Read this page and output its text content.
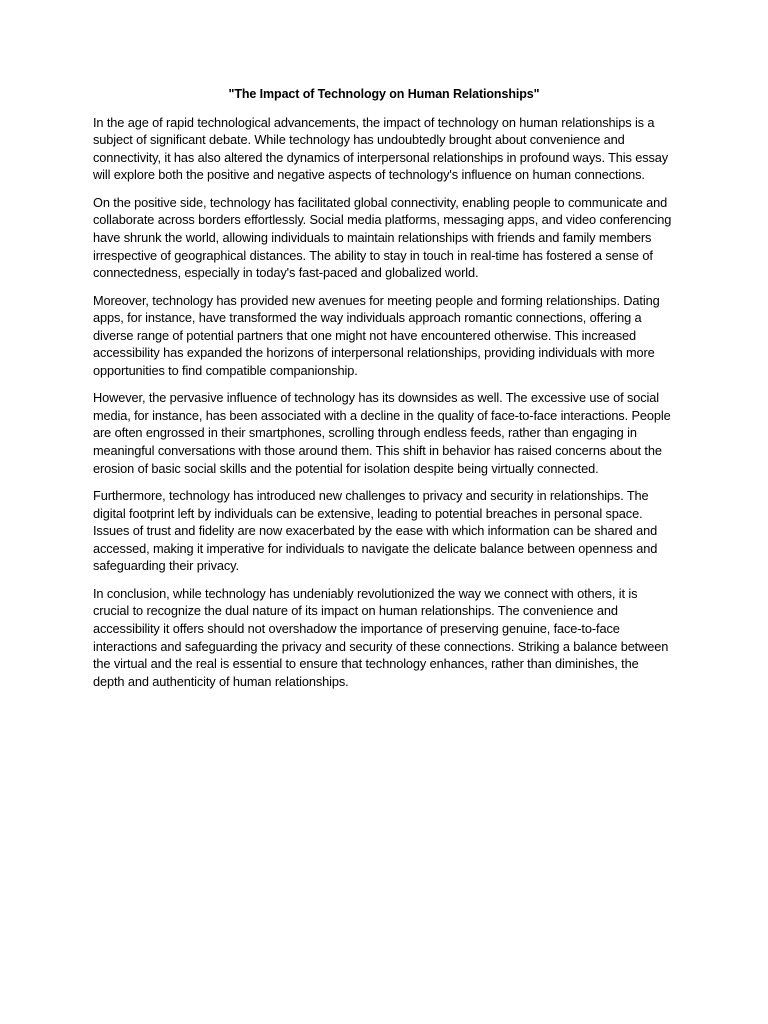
"The Impact of Technology on Human Relationships"

In the age of rapid technological advancements, the impact of technology on human relationships is a subject of significant debate. While technology has undoubtedly brought about convenience and connectivity, it has also altered the dynamics of interpersonal relationships in profound ways. This essay will explore both the positive and negative aspects of technology's influence on human connections.

On the positive side, technology has facilitated global connectivity, enabling people to communicate and collaborate across borders effortlessly. Social media platforms, messaging apps, and video conferencing have shrunk the world, allowing individuals to maintain relationships with friends and family members irrespective of geographical distances. The ability to stay in touch in real-time has fostered a sense of connectedness, especially in today's fast-paced and globalized world.

Moreover, technology has provided new avenues for meeting people and forming relationships. Dating apps, for instance, have transformed the way individuals approach romantic connections, offering a diverse range of potential partners that one might not have encountered otherwise. This increased accessibility has expanded the horizons of interpersonal relationships, providing individuals with more opportunities to find compatible companionship.

However, the pervasive influence of technology has its downsides as well. The excessive use of social media, for instance, has been associated with a decline in the quality of face-to-face interactions. People are often engrossed in their smartphones, scrolling through endless feeds, rather than engaging in meaningful conversations with those around them. This shift in behavior has raised concerns about the erosion of basic social skills and the potential for isolation despite being virtually connected.

Furthermore, technology has introduced new challenges to privacy and security in relationships. The digital footprint left by individuals can be extensive, leading to potential breaches in personal space. Issues of trust and fidelity are now exacerbated by the ease with which information can be shared and accessed, making it imperative for individuals to navigate the delicate balance between openness and safeguarding their privacy.

In conclusion, while technology has undeniably revolutionized the way we connect with others, it is crucial to recognize the dual nature of its impact on human relationships. The convenience and accessibility it offers should not overshadow the importance of preserving genuine, face-to-face interactions and safeguarding the privacy and security of these connections. Striking a balance between the virtual and the real is essential to ensure that technology enhances, rather than diminishes, the depth and authenticity of human relationships.
